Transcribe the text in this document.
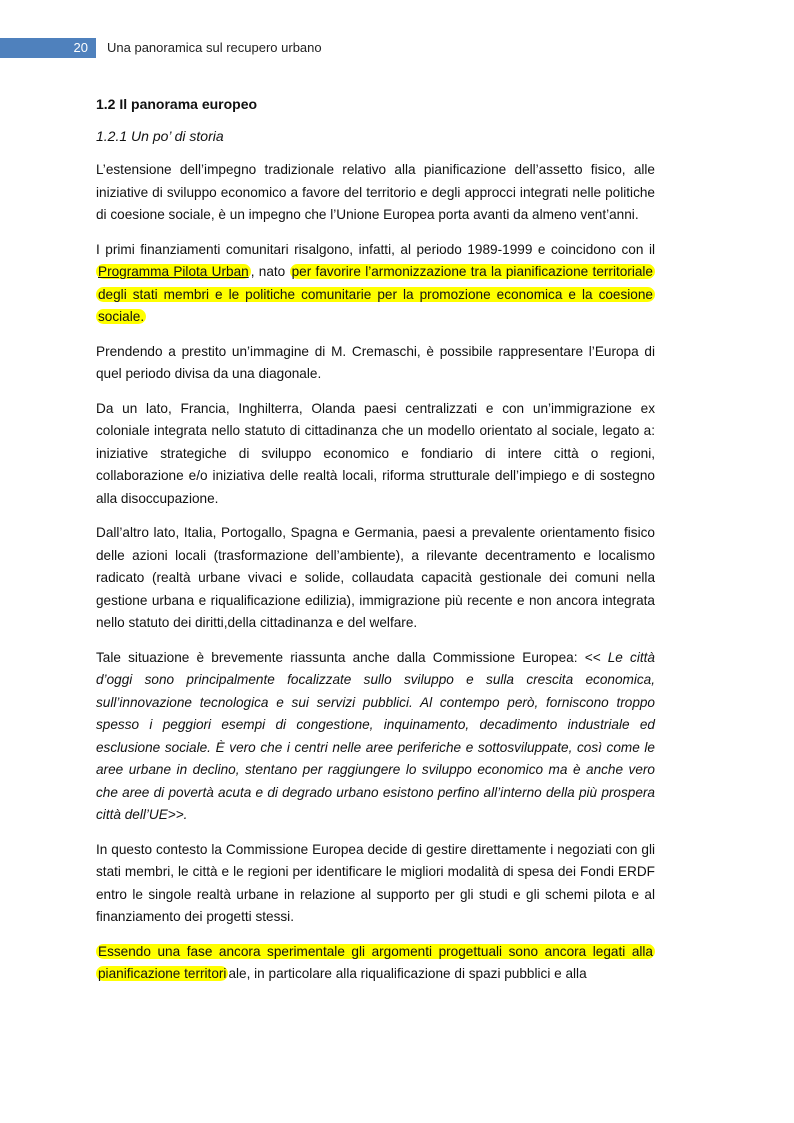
20	Una panoramica sul recupero urbano
1.2 Il panorama europeo
1.2.1 Un po’ di storia

L’estensione dell’impegno tradizionale relativo alla pianificazione dell’assetto fisico, alle iniziative di sviluppo economico a favore del territorio e degli approcci integrati nelle politiche di coesione sociale, è un impegno che l’Unione Europea porta avanti da almeno vent’anni.

I primi finanziamenti comunitari risalgono, infatti, al periodo 1989-1999 e coincidono con il Programma Pilota Urban , nato per favorire l’armonizzazione tra la pianificazione territoriale degli stati membri e le politiche comunitarie per la promozione economica e la coesione sociale.

Prendendo a prestito un’immagine di M. Cremaschi, è possibile rappresentare l’Europa di quel periodo divisa da una diagonale.

Da un lato, Francia, Inghilterra, Olanda paesi centralizzati e con un’immigrazione ex coloniale integrata nello statuto di cittadinanza che un modello orientato al sociale, legato a: iniziative strategiche di sviluppo economico e fondiario di intere città o regioni, collaborazione e/o iniziativa delle realtà locali, riforma strutturale dell’impiego e di sostegno alla disoccupazione.

Dall’altro lato, Italia, Portogallo, Spagna e Germania, paesi a prevalente orientamento fisico delle azioni locali (trasformazione dell’ambiente), a rilevante decentramento e localismo radicato (realtà urbane vivaci e solide, collaudata capacità gestionale dei comuni nella gestione urbana e riqualificazione edilizia), immigrazione più recente e non ancora integrata nello statuto dei diritti,della cittadinanza e del welfare.

Tale situazione è brevemente riassunta anche dalla Commissione Europea: << Le città d’oggi sono principalmente focalizzate sullo sviluppo e sulla crescita economica, sull’innovazione tecnologica e sui servizi pubblici. Al contempo però, forniscono troppo spesso i peggiori esempi di congestione, inquinamento, decadimento industriale ed esclusione sociale. È vero che i centri nelle aree periferiche e sottosviluppate, così come le aree urbane in declino, stentano per raggiungere lo sviluppo economico ma è anche vero che aree di povertà acuta e di degrado urbano esistono perfino all’interno della più prospera città dell’UE>>.

In questo contesto la Commissione Europea decide di gestire direttamente i negoziati con gli stati membri, le città e le regioni per identificare le migliori modalità di spesa dei Fondi ERDF entro le singole realtà urbane in relazione al supporto per gli studi e gli schemi pilota e al finanziamento dei progetti stessi.

Essendo una fase ancora sperimentale gli argomenti progettuali sono ancora legati alla pianificazione territori ale, in particolare alla riqualificazione di spazi pubblici e alla
